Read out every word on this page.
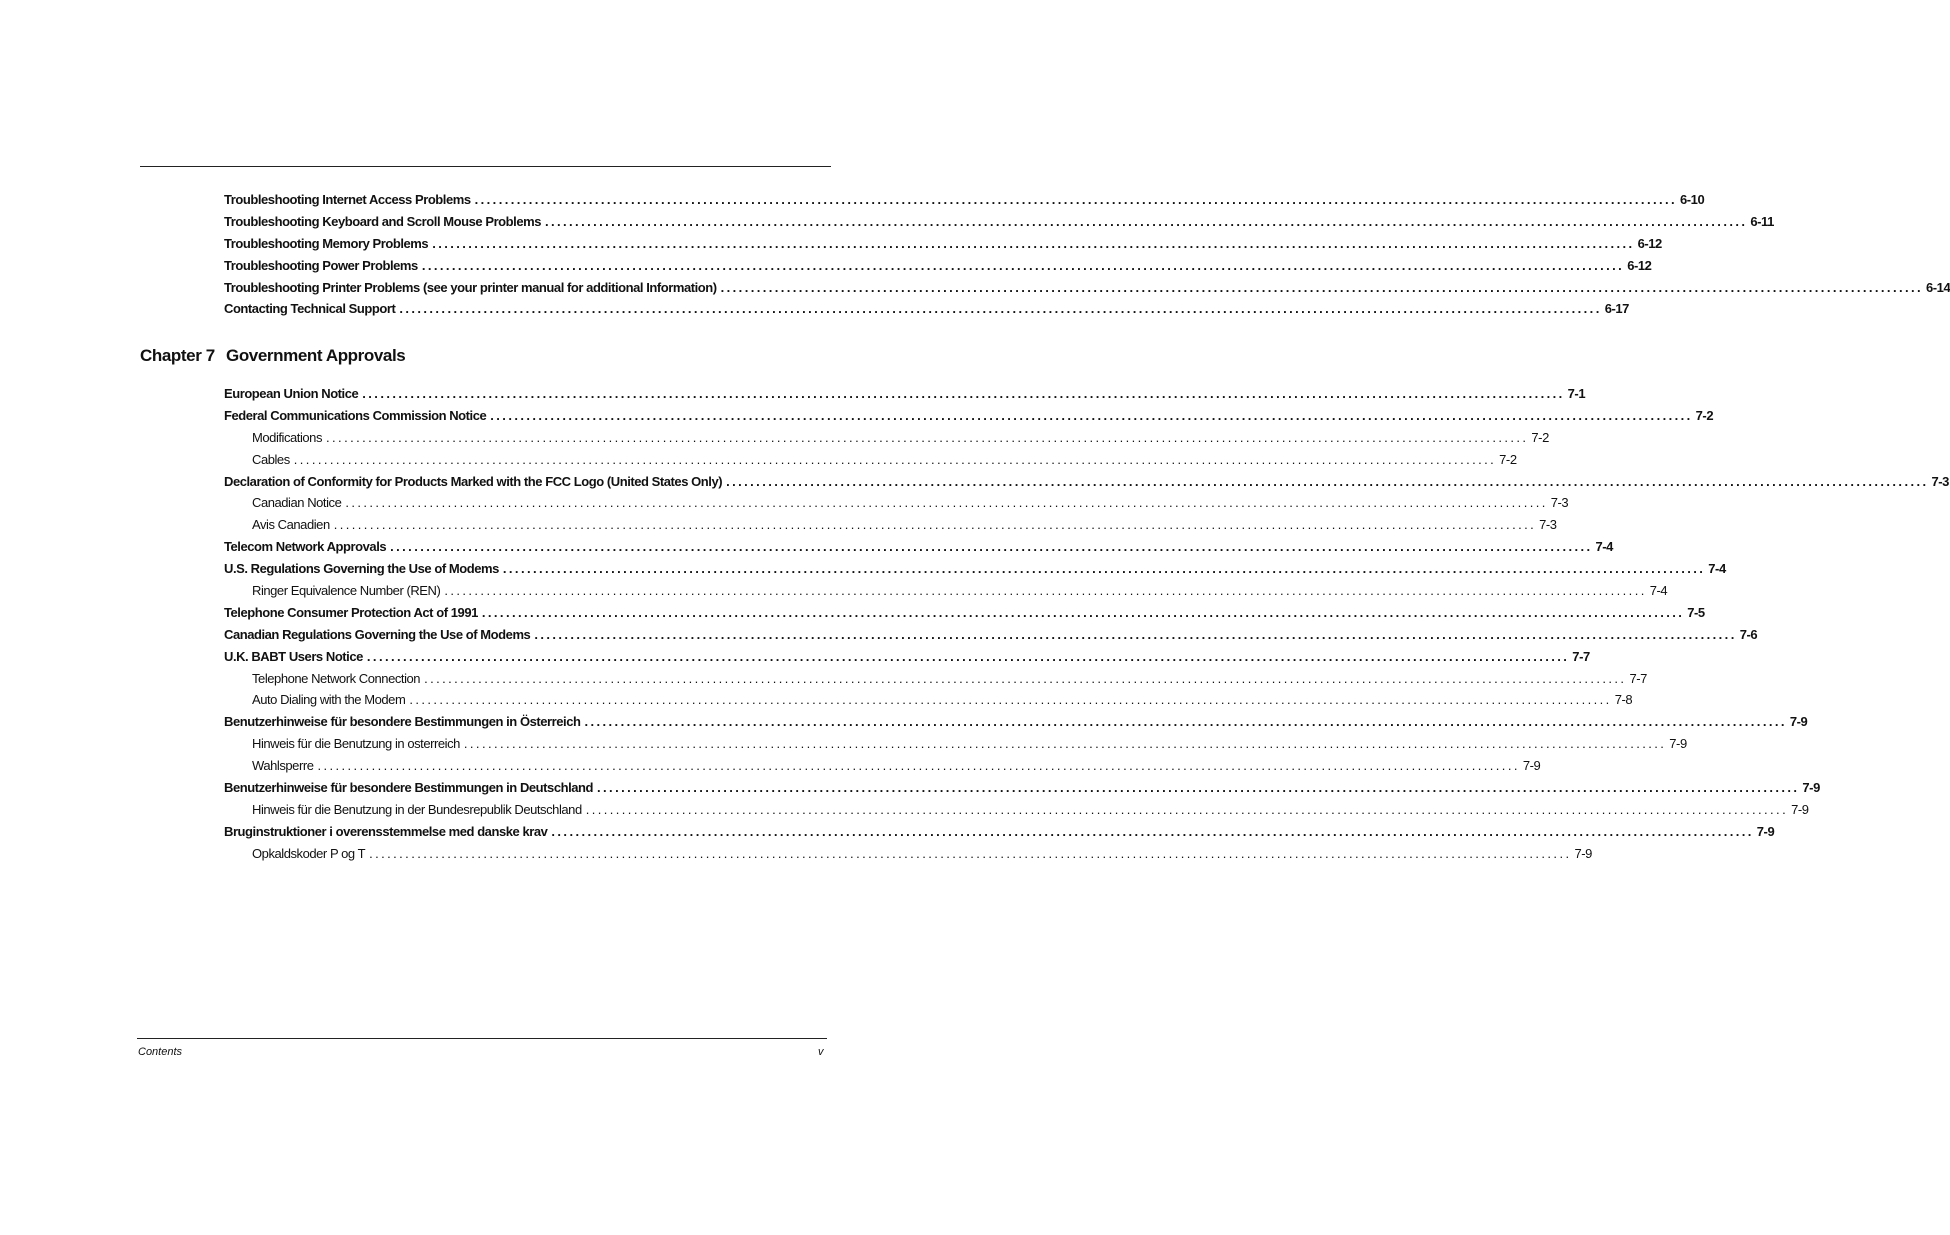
Troubleshooting Internet Access Problems ........................................................................................................................................................................................................ 6-10
Troubleshooting Keyboard and Scroll Mouse Problems ........................................................................................................................................................................................................ 6-11
Troubleshooting Memory Problems ........................................................................................................................................................................................................ 6-12
Troubleshooting Power Problems ........................................................................................................................................................................................................ 6-12
Troubleshooting Printer Problems (see your printer manual for additional Information) ........................................................................................................................................................................................................ 6-14
Contacting Technical Support ........................................................................................................................................................................................................ 6-17
Chapter 7 Government Approvals
European Union Notice ........................................................................................................................................................................................................ 7-1
Federal Communications Commission Notice ........................................................................................................................................................................................................ 7-2
Modifications ........................................................................................................................................................................................................ 7-2
Cables ........................................................................................................................................................................................................ 7-2
Declaration of Conformity for Products Marked with the FCC Logo (United States Only) ........................................................................................................................................................................................................ 7-3
Canadian Notice ........................................................................................................................................................................................................ 7-3
Avis Canadien ........................................................................................................................................................................................................ 7-3
Telecom Network Approvals ........................................................................................................................................................................................................ 7-4
U.S. Regulations Governing the Use of Modems ........................................................................................................................................................................................................ 7-4
Ringer Equivalence Number (REN) ........................................................................................................................................................................................................ 7-4
Telephone Consumer Protection Act of 1991 ........................................................................................................................................................................................................ 7-5
Canadian Regulations Governing the Use of Modems ........................................................................................................................................................................................................ 7-6
U.K. BABT Users Notice ........................................................................................................................................................................................................ 7-7
Telephone Network Connection ........................................................................................................................................................................................................ 7-7
Auto Dialing with the Modem ........................................................................................................................................................................................................ 7-8
Benutzerhinweise für besondere Bestimmungen in Österreich ........................................................................................................................................................................................................ 7-9
Hinweis für die Benutzung in osterreich ........................................................................................................................................................................................................ 7-9
Wahlsperre ........................................................................................................................................................................................................ 7-9
Benutzerhinweise für besondere Bestimmungen in Deutschland ........................................................................................................................................................................................................ 7-9
Hinweis für die Benutzung in der Bundesrepublik Deutschland ........................................................................................................................................................................................................ 7-9
Bruginstruktioner i overensstemmelse med danske krav ........................................................................................................................................................................................................ 7-9
Opkaldskoder P og T ........................................................................................................................................................................................................ 7-9
Contents	v
